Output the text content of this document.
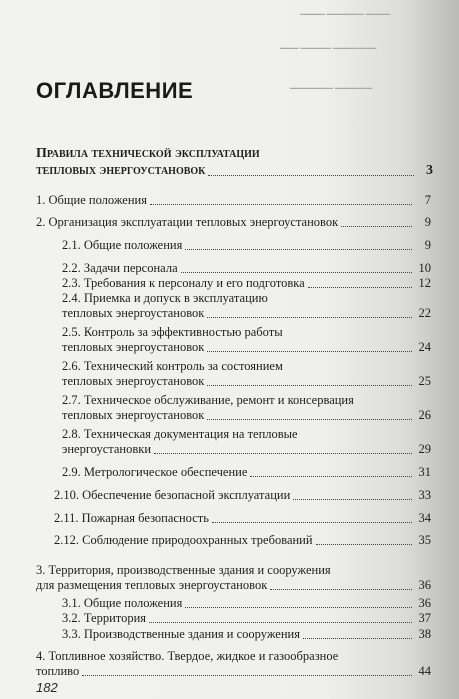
▁▁▁▁ ▁▁▁▁▁▁ ▁▁▁▁
▁▁▁ ▁▁▁▁▁ ▁▁▁▁▁▁▁
▁▁▁▁▁▁▁ ▁▁▁▁▁▁
ОГЛАВЛЕНИЕ
Правила технической эксплуатации
тепловых энергоустановок	3
1. Общие положения	7
2. Организация эксплуатации тепловых энергоустановок	9
2.1. Общие положения	9
2.2. Задачи персонала	10
2.3. Требования к персоналу и его подготовка	12
2.4. Приемка и допуск в эксплуатацию
тепловых энергоустановок	22
2.5. Контроль за эффективностью работы
тепловых энергоустановок	24
2.6. Технический контроль за состоянием
тепловых энергоустановок	25
2.7. Техническое обслуживание, ремонт и консервация
тепловых энергоустановок	26
2.8. Техническая документация на тепловые
энергоустановки	29
2.9. Метрологическое обеспечение	31
2.10. Обеспечение безопасной эксплуатации	33
2.11. Пожарная безопасность	34
2.12. Соблюдение природоохранных требований	35
3. Территория, производственные здания и сооружения
для размещения тепловых энергоустановок	36
3.1. Общие положения	36
3.2. Территория	37
3.3. Производственные здания и сооружения	38
4. Топливное хозяйство. Твердое, жидкое и газообразное
топливо	44
182
